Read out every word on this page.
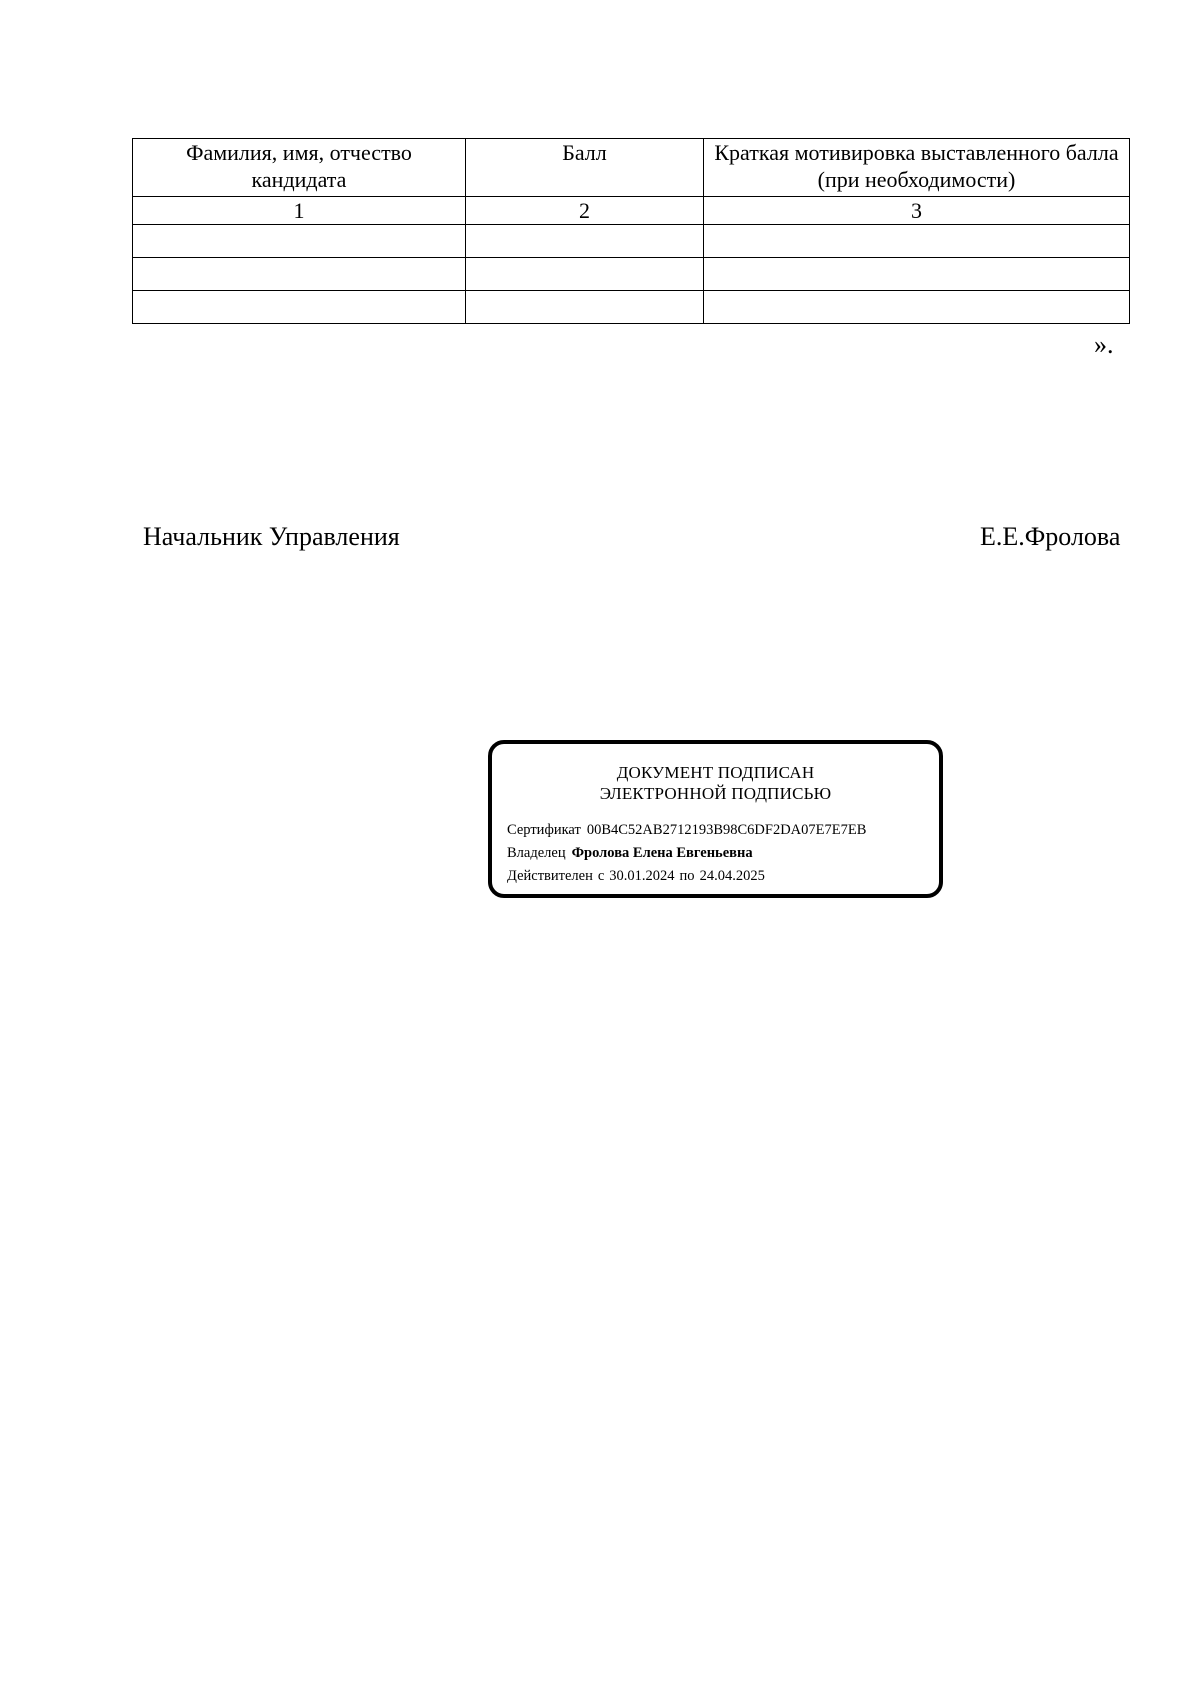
Фамилия, имя, отчество кандидата	Балл	Краткая мотивировка выставленного балла (при необходимости)
1	2	3

».
Начальник Управления	Е.Е.Фролова
ДОКУМЕНТ ПОДПИСАН
ЭЛЕКТРОННОЙ ПОДПИСЬЮ
Сертификат 00B4C52AB2712193B98C6DF2DA07E7E7EB
Владелец Фролова Елена Евгеньевна
Действителен с 30.01.2024 по 24.04.2025
